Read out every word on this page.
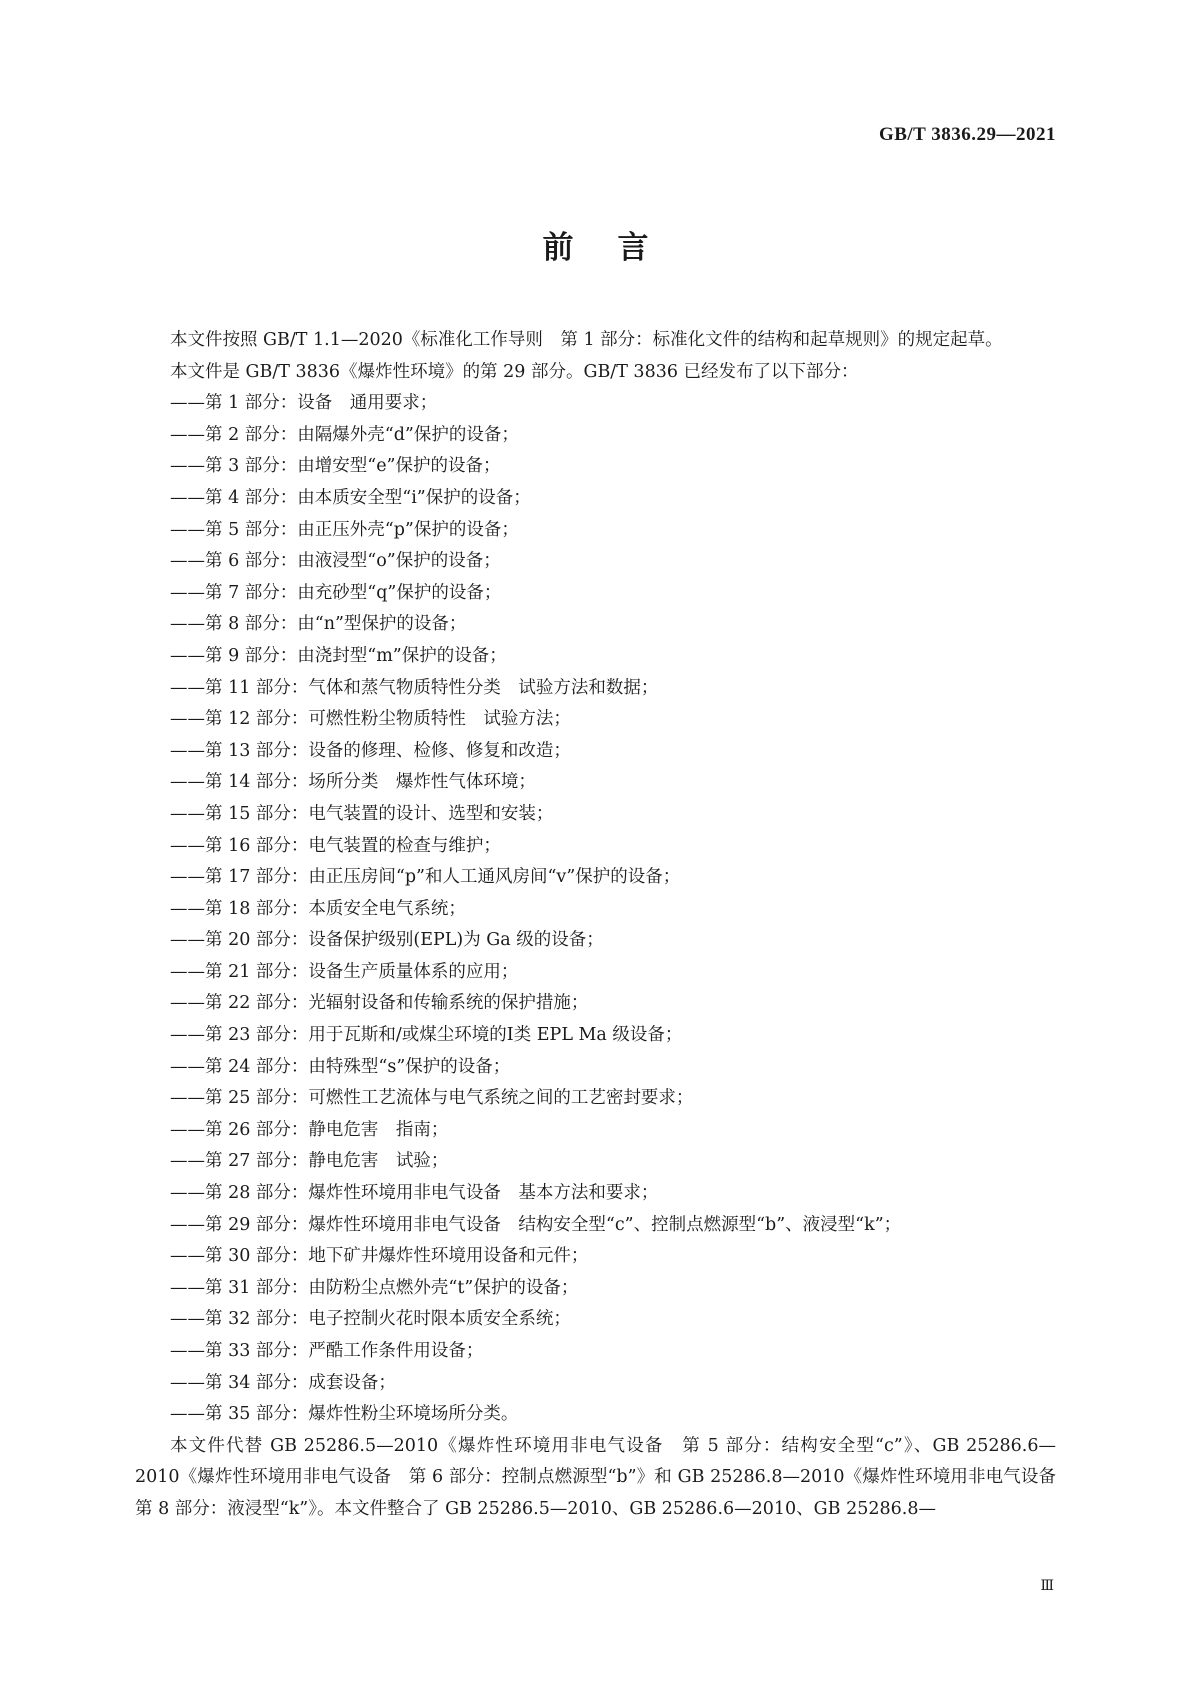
GB/T 3836.29—2021
前言

本文件按照 GB/T 1.1—2020《标准化工作导则　第 1 部分：标准化文件的结构和起草规则》的规定起草。

本文件是 GB/T 3836《爆炸性环境》的第 29 部分。GB/T 3836 已经发布了以下部分：

——第 1 部分：设备　通用要求；
——第 2 部分：由隔爆外壳“d”保护的设备；
——第 3 部分：由增安型“e”保护的设备；
——第 4 部分：由本质安全型“i”保护的设备；
——第 5 部分：由正压外壳“p”保护的设备；
——第 6 部分：由液浸型“o”保护的设备；
——第 7 部分：由充砂型“q”保护的设备；
——第 8 部分：由“n”型保护的设备；
——第 9 部分：由浇封型“m”保护的设备；
——第 11 部分：气体和蒸气物质特性分类　试验方法和数据；
——第 12 部分：可燃性粉尘物质特性　试验方法；
——第 13 部分：设备的修理、检修、修复和改造；
——第 14 部分：场所分类　爆炸性气体环境；
——第 15 部分：电气装置的设计、选型和安装；
——第 16 部分：电气装置的检查与维护；
——第 17 部分：由正压房间“p”和人工通风房间“v”保护的设备；
——第 18 部分：本质安全电气系统；
——第 20 部分：设备保护级别(EPL)为 Ga 级的设备；
——第 21 部分：设备生产质量体系的应用；
——第 22 部分：光辐射设备和传输系统的保护措施；
——第 23 部分：用于瓦斯和/或煤尘环境的Ⅰ类 EPL Ma 级设备；
——第 24 部分：由特殊型“s”保护的设备；
——第 25 部分：可燃性工艺流体与电气系统之间的工艺密封要求；
——第 26 部分：静电危害　指南；
——第 27 部分：静电危害　试验；
——第 28 部分：爆炸性环境用非电气设备　基本方法和要求；
——第 29 部分：爆炸性环境用非电气设备　结构安全型“c”、控制点燃源型“b”、液浸型“k”；
——第 30 部分：地下矿井爆炸性环境用设备和元件；
——第 31 部分：由防粉尘点燃外壳“t”保护的设备；
——第 32 部分：电子控制火花时限本质安全系统；
——第 33 部分：严酷工作条件用设备；
——第 34 部分：成套设备；
——第 35 部分：爆炸性粉尘环境场所分类。

本文件代替 GB 25286.5—2010《爆炸性环境用非电气设备　第 5 部分：结构安全型“c”》、GB 25286.6—2010《爆炸性环境用非电气设备　第 6 部分：控制点燃源型“b”》和 GB 25286.8—2010《爆炸性环境用非电气设备　第 8 部分：液浸型“k”》。本文件整合了 GB 25286.5—2010、GB 25286.6—2010、GB 25286.8—

Ⅲ
